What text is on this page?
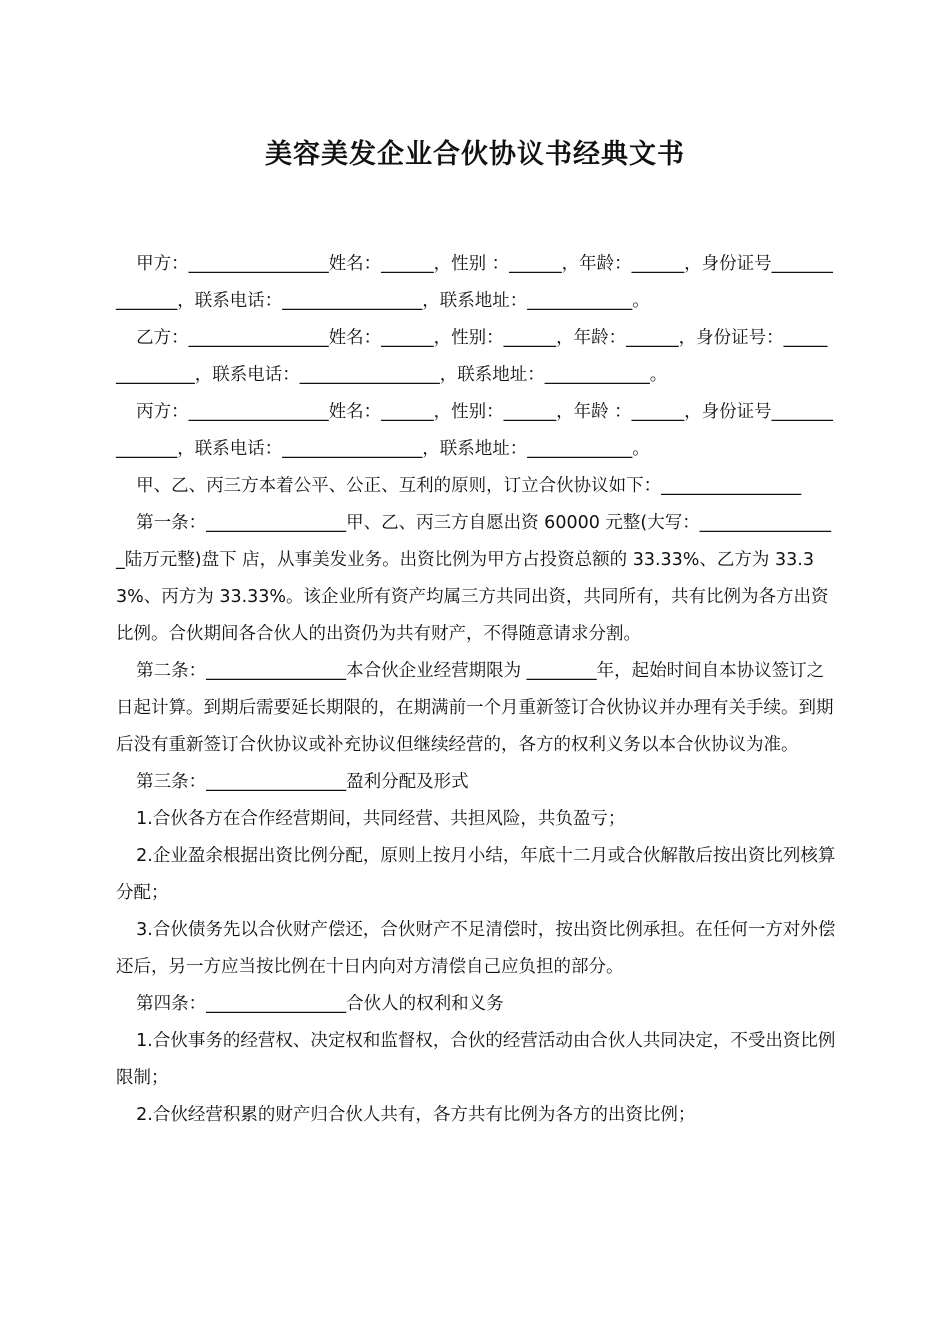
美容美发企业合伙协议书经典文书

甲方：________________姓名：______，性别 ：______，年龄：______，身份证号______________，联系电话：________________，联系地址：____________。

乙方：________________姓名：______，性别：______，年龄：______，身份证号：______________，联系电话：________________，联系地址：____________。

丙方：________________姓名：______，性别：______，年龄 ：______，身份证号______________，联系电话：________________，联系地址：____________。

甲、乙、丙三方本着公平、公正、互利的原则，订立合伙协议如下：________________

第一条：________________甲、乙、丙三方自愿出资 60000 元整(大写：________________陆万元整)盘下 店，从事美发业务。出资比例为甲方占投资总额的 33.33%、乙方为 33.33%、丙方为 33.33%。该企业所有资产均属三方共同出资，共同所有，共有比例为各方出资比例。合伙期间各合伙人的出资仍为共有财产，不得随意请求分割。

第二条：________________本合伙企业经营期限为 ________年，起始时间自本协议签订之日起计算。到期后需要延长期限的，在期满前一个月重新签订合伙协议并办理有关手续。到期后没有重新签订合伙协议或补充协议但继续经营的，各方的权利义务以本合伙协议为准。

第三条：________________盈利分配及形式

1.合伙各方在合作经营期间，共同经营、共担风险，共负盈亏；

2.企业盈余根据出资比例分配，原则上按月小结，年底十二月或合伙解散后按出资比列核算分配；

3.合伙债务先以合伙财产偿还，合伙财产不足清偿时，按出资比例承担。在任何一方对外偿还后，另一方应当按比例在十日内向对方清偿自己应负担的部分。

第四条：________________合伙人的权利和义务

1.合伙事务的经营权、决定权和监督权，合伙的经营活动由合伙人共同决定，不受出资比例限制；

2.合伙经营积累的财产归合伙人共有，各方共有比例为各方的出资比例；
